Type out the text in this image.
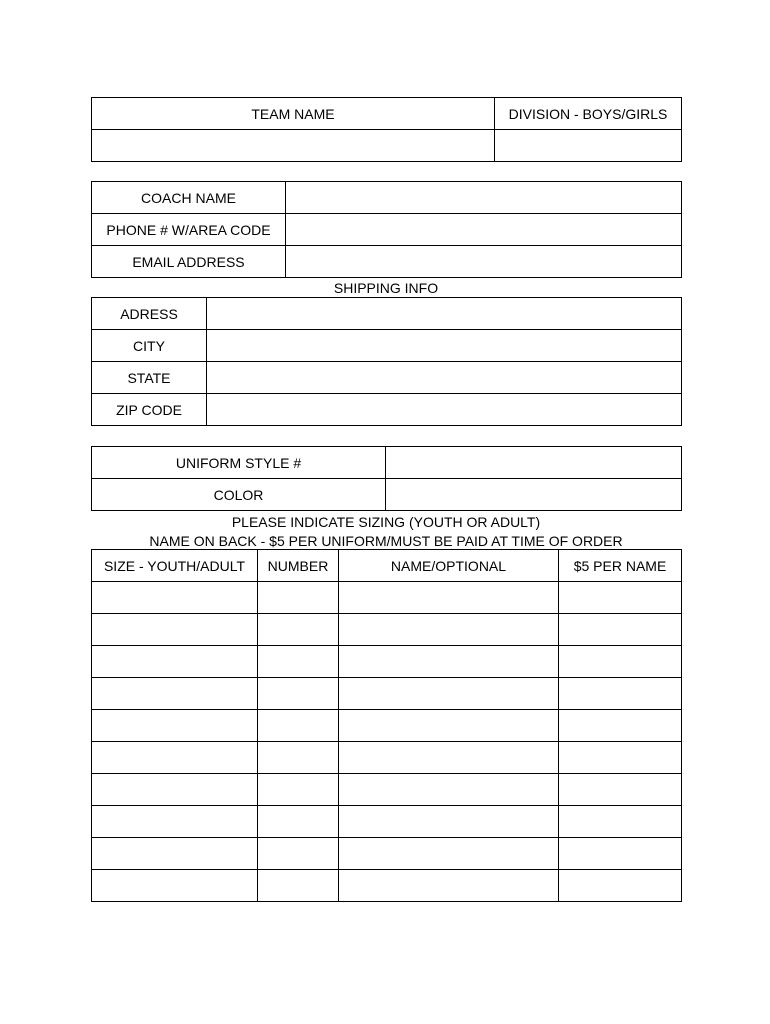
TEAM NAME	DIVISION - BOYS/GIRLS

COACH NAME	
PHONE # W/AREA CODE	
EMAIL ADDRESS	
SHIPPING INFO
ADRESS	
CITY	
STATE	
ZIP CODE	
UNIFORM STYLE #	
COLOR	
PLEASE INDICATE SIZING (YOUTH OR ADULT)
NAME ON BACK - $5 PER UNIFORM/MUST BE PAID AT TIME OF ORDER
SIZE - YOUTH/ADULT	NUMBER	NAME/OPTIONAL	$5 PER NAME
